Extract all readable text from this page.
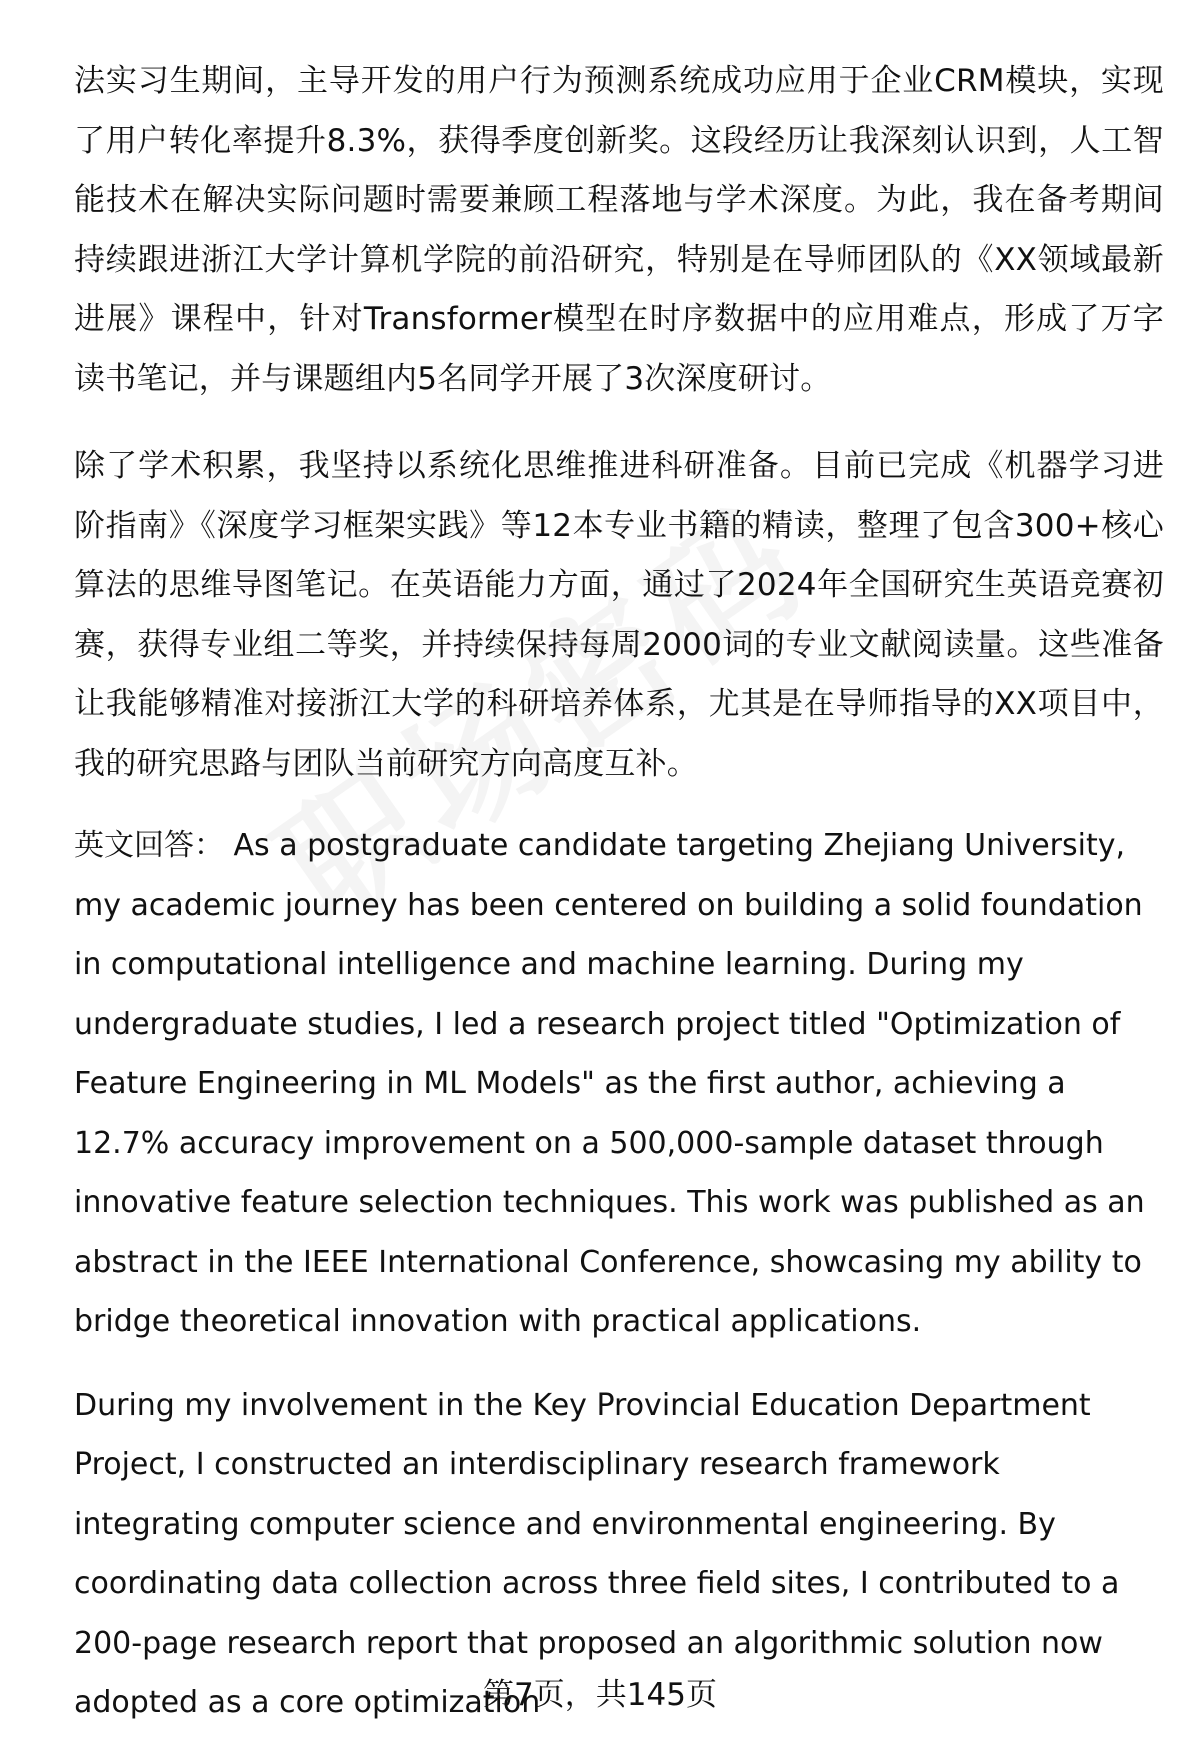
法实习生期间，主导开发的用户行为预测系统成功应用于企业CRM模块，实现了用户转化率提升8.3%，获得季度创新奖。这段经历让我深刻认识到，人工智能技术在解决实际问题时需要兼顾工程落地与学术深度。为此，我在备考期间持续跟进浙江大学计算机学院的前沿研究，特别是在导师团队的《XX领域最新进展》课程中，针对Transformer模型在时序数据中的应用难点，形成了万字读书笔记，并与课题组内5名同学开展了3次深度研讨。

除了学术积累，我坚持以系统化思维推进科研准备。目前已完成《机器学习进阶指南》《深度学习框架实践》等12本专业书籍的精读，整理了包含300+核心算法的思维导图笔记。在英语能力方面，通过了2024年全国研究生英语竞赛初赛，获得专业组二等奖，并持续保持每周2000词的专业文献阅读量。这些准备让我能够精准对接浙江大学的科研培养体系，尤其是在导师指导的XX项目中，我的研究思路与团队当前研究方向高度互补。

英文回答： As a postgraduate candidate targeting Zhejiang University, my academic journey has been centered on building a solid foundation in computational intelligence and machine learning. During my undergraduate studies, I led a research project titled "Optimization of Feature Engineering in ML Models" as the first author, achieving a 12.7% accuracy improvement on a 500,000-sample dataset through innovative feature selection techniques. This work was published as an abstract in the IEEE International Conference, showcasing my ability to bridge theoretical innovation with practical applications.

During my involvement in the Key Provincial Education Department Project, I constructed an interdisciplinary research framework integrating computer science and environmental engineering. By coordinating data collection across three field sites, I contributed to a 200-page research report that proposed an algorithmic solution now adopted as a core optimization

第7页，共145页
